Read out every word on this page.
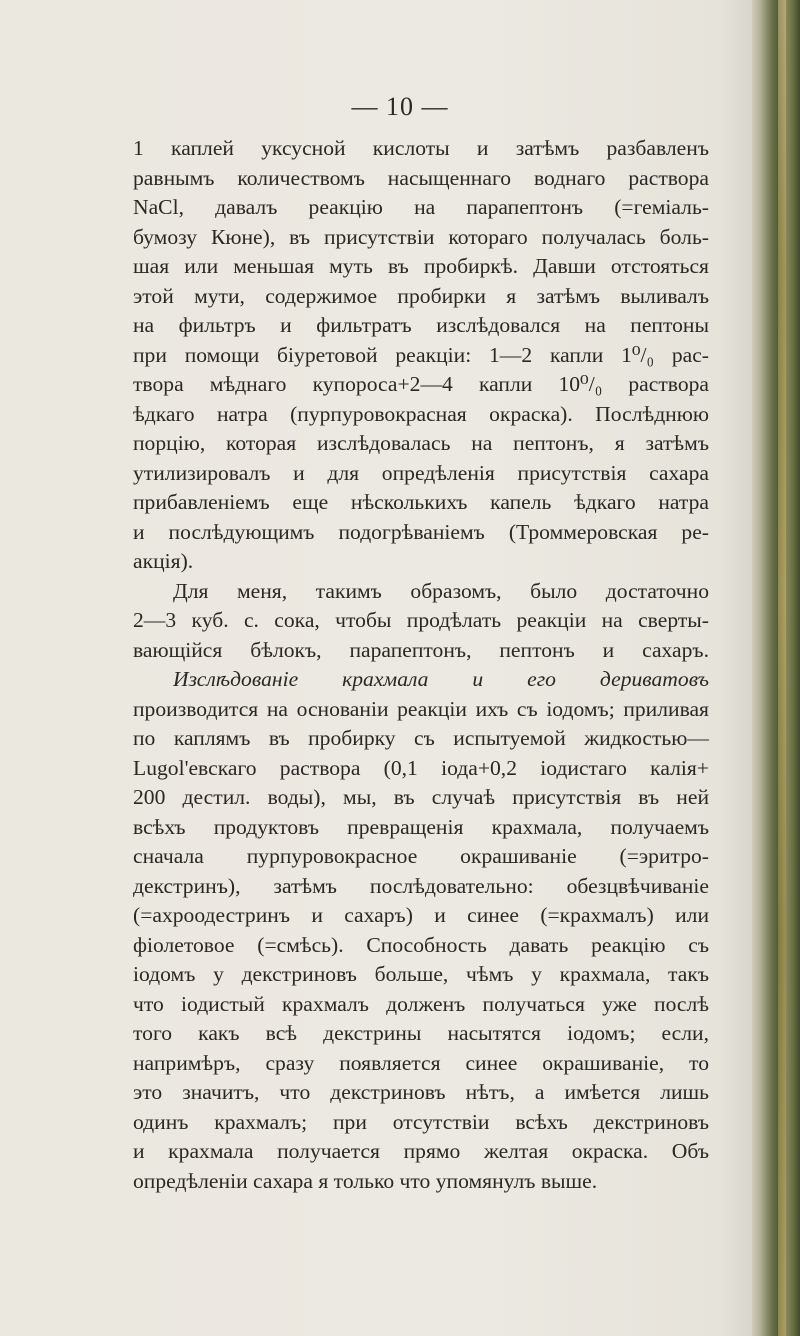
— 10 —
1 каплей уксусной кислоты и затѣмъ разбавленъ
равнымъ количествомъ насыщеннаго воднаго раствора
NaCl, давалъ реакцію на парапептонъ (=геміаль-
бумозу Кюне), въ присутствіи котораго получалась боль-
шая или меньшая муть въ пробиркѣ. Давши отстояться
этой мути, содержимое пробирки я затѣмъ выливалъ
на фильтръ и фильтратъ изслѣдовался на пептоны
при помощи біуретовой реакціи: 1—2 капли 1⁰/₀ рас-
твора мѣднаго купороса+2—4 капли 10⁰/₀ раствора
ѣдкаго натра (пурпуровокрасная окраска). Послѣднюю
порцію, которая изслѣдовалась на пептонъ, я затѣмъ
утилизировалъ и для опредѣленія присутствія сахара
прибавленіемъ еще нѣсколькихъ капель ѣдкаго натра
и послѣдующимъ подогрѣваніемъ (Троммеровская ре-
акція).
Для меня, такимъ образомъ, было достаточно
2—3 куб. с. сока, чтобы продѣлать реакціи на сверты-
вающійся бѣлокъ, парапептонъ, пептонъ и сахаръ.
Изслѣдованіе крахмала и его дериватовъ
производится на основаніи реакціи ихъ съ іодомъ; приливая
по каплямъ въ пробирку съ испытуемой жидкостью—
Lugol'евскаго раствора (0,1 іода+0,2 іодистаго калія+
200 дестил. воды), мы, въ случаѣ присутствія въ ней
всѣхъ продуктовъ превращенія крахмала, получаемъ
сначала пурпуровокрасное окрашиваніе (=эритро-
декстринъ), затѣмъ послѣдовательно: обезцвѣчиваніе
(=ахроодестринъ и сахаръ) и синее (=крахмалъ) или
фіолетовое (=смѣсь). Способность давать реакцію съ
іодомъ у декстриновъ больше, чѣмъ у крахмала, такъ
что іодистый крахмалъ долженъ получаться уже послѣ
того какъ всѣ декстрины насытятся іодомъ; если,
напримѣръ, сразу появляется синее окрашиваніе, то
это значитъ, что декстриновъ нѣтъ, а имѣется лишь
одинъ крахмалъ; при отсутствіи всѣхъ декстриновъ
и крахмала получается прямо желтая окраска. Объ
опредѣленіи сахара я только что упомянулъ выше.
